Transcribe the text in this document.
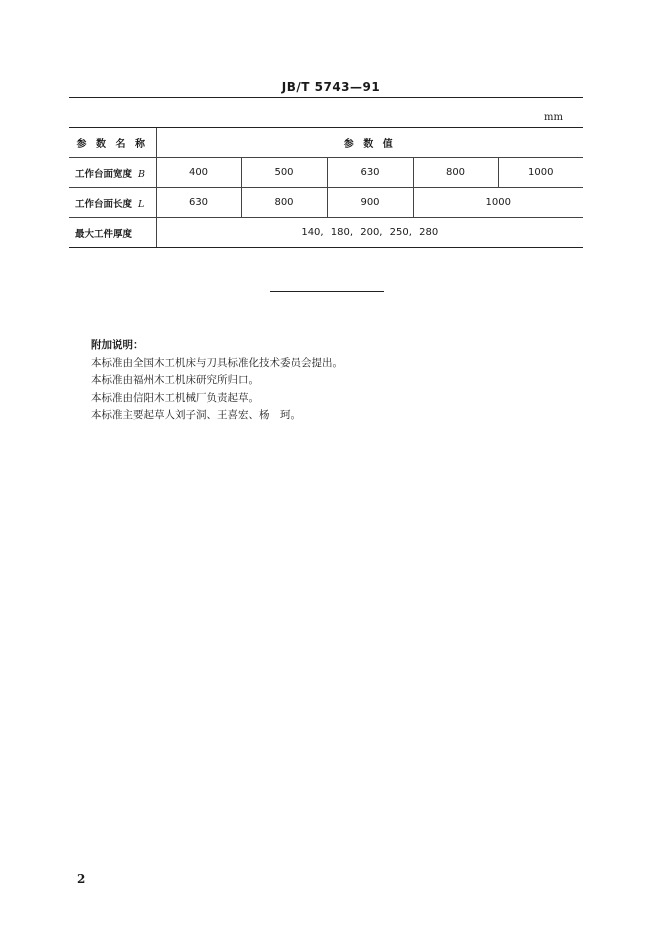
JB/T 5743—91
mm
参 数 名 称	参 数 值				
工作台面宽度 B	400	500	630	800	1000
工作台面长度 L	630	800	900	1000	
最大工件厚度	140, 180, 200, 250, 280				
附加说明：
本标准由全国木工机床与刀具标准化技术委员会提出。
本标准由福州木工机床研究所归口。
本标准由信阳木工机械厂负责起草。
本标准主要起草人刘子洞、王喜宏、杨　珂。
2
